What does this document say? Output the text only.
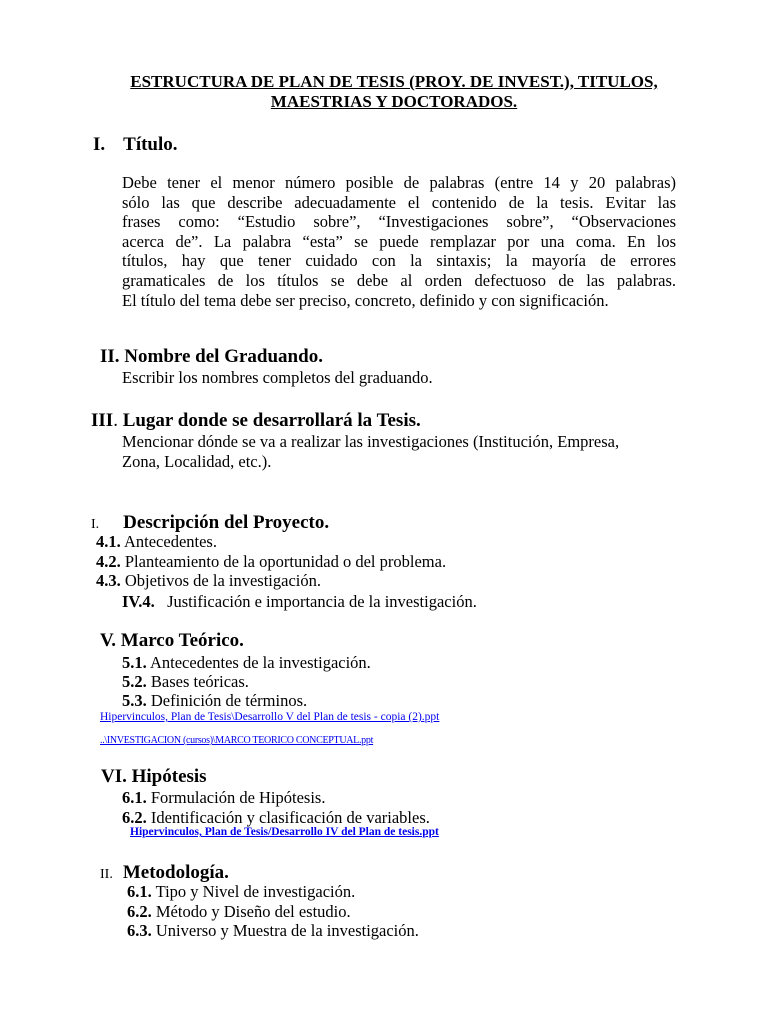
ESTRUCTURA DE PLAN DE TESIS (PROY. DE INVEST.), TITULOS,
MAESTRIAS Y DOCTORADOS.
I. Título.
Debe tener el menor número posible de palabras (entre 14 y 20 palabras)
sólo las que describe adecuadamente el contenido de la tesis. Evitar las
frases como: “Estudio sobre”, “Investigaciones sobre”, “Observaciones
acerca de”. La palabra “esta” se puede remplazar por una coma. En los
títulos, hay que tener cuidado con la sintaxis; la mayoría de errores
gramaticales de los títulos se debe al orden defectuoso de las palabras.
El título del tema debe ser preciso, concreto, definido y con significación.
II. Nombre del Graduando.
Escribir los nombres completos del graduando.
III. Lugar donde se desarrollará la Tesis.
Mencionar dónde se va a realizar las investigaciones (Institución, Empresa,
Zona, Localidad, etc.).
I. Descripción del Proyecto.
4.1. Antecedentes.
4.2. Planteamiento de la oportunidad o del problema.
4.3. Objetivos de la investigación.
IV.4. Justificación e importancia de la investigación.
V. Marco Teórico.
5.1. Antecedentes de la investigación.
5.2. Bases teóricas.
5.3. Definición de términos.
Hipervinculos, Plan de Tesis\Desarrollo V del Plan de tesis - copia (2).ppt
..\INVESTIGACION (cursos)\MARCO TEORICO CONCEPTUAL.ppt
VI. Hipótesis
6.1. Formulación de Hipótesis.
6.2. Identificación y clasificación de variables.
Hipervinculos, Plan de Tesis/Desarrollo IV del Plan de tesis.ppt
II. Metodología.
6.1. Tipo y Nivel de investigación.
6.2. Método y Diseño del estudio.
6.3. Universo y Muestra de la investigación.
